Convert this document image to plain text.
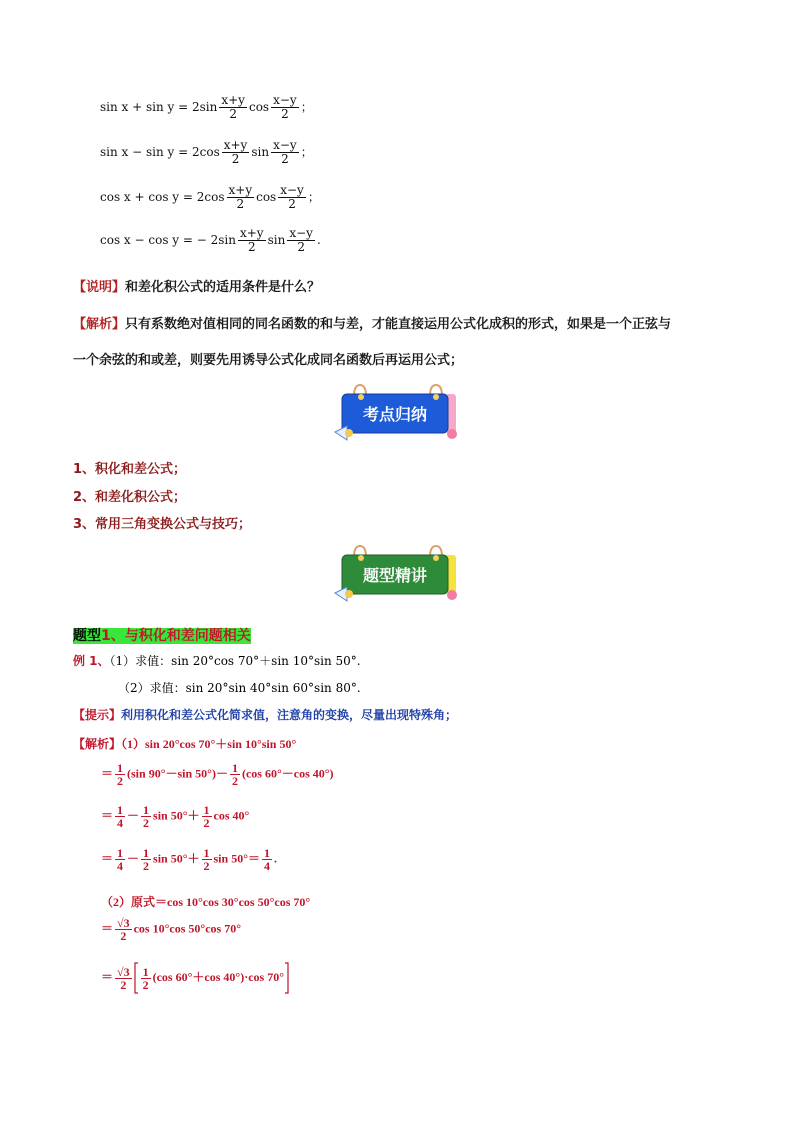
$\sin x + \sin y = 2\sin \frac{x+y}{2}$ $\cos \frac{x-y}{2}$ ；
$\sin x - \sin y = 2\cos \frac{x+y}{2}$ $\sin \frac{x-y}{2}$ ；
$\cos x + \cos y = 2\cos \frac{x+y}{2}$ $\cos \frac{x-y}{2}$ ；
cos x − cos y = − $2\sin \frac{x+y}{2}$ $\sin \frac{x-y}{2}$ .
【说明】和差化积公式的适用条件是什么？
【解析】只有系数绝对值相同的同名函数的和与差，才能直接运用公式化成积的形式，如果是一个正弦与
一个余弦的和或差，则要先用诱导公式化成同名函数后再运用公式；
考点归纳
1、积化和差公式；
2、和差化积公式；
3、常用三角变换公式与技巧；
题型精讲
题型1、与积化和差问题相关
例 1、（1）求值：sin 20°cos 70°＋sin 10°sin 50°.
（2）求值：sin 20°sin 40°sin 60°sin 80°.
【提示】利用积化和差公式化简求值，注意角的变换，尽量出现特殊角；
【解析】（1）sin 20°cos 70°＋sin 10°sin 50°
＝ $\frac{1}{2} (\sin$ 90°－sin $50^\circ)- \frac{1}{2} (\cos$ 60°－cos 40°)
＝ $\frac{1}{4} - \frac{1}{2}$ $\sin 50^\circ+ \frac{1}{2}$ cos 40°
＝ $\frac{1}{4} - \frac{1}{2}$ $\sin 50^\circ+ \frac{1}{2}$ $\sin 50^\circ= \frac{1}{4}$ .
（2）原式＝cos 10°cos 30°cos 50°cos 70°
＝ $\frac{√3}{2}$ cos 10°cos 50°cos 70°
＝ $\frac{√3}{2} \frac{1}{2} (\cos$ 60°＋cos 40°)·cos 70°
